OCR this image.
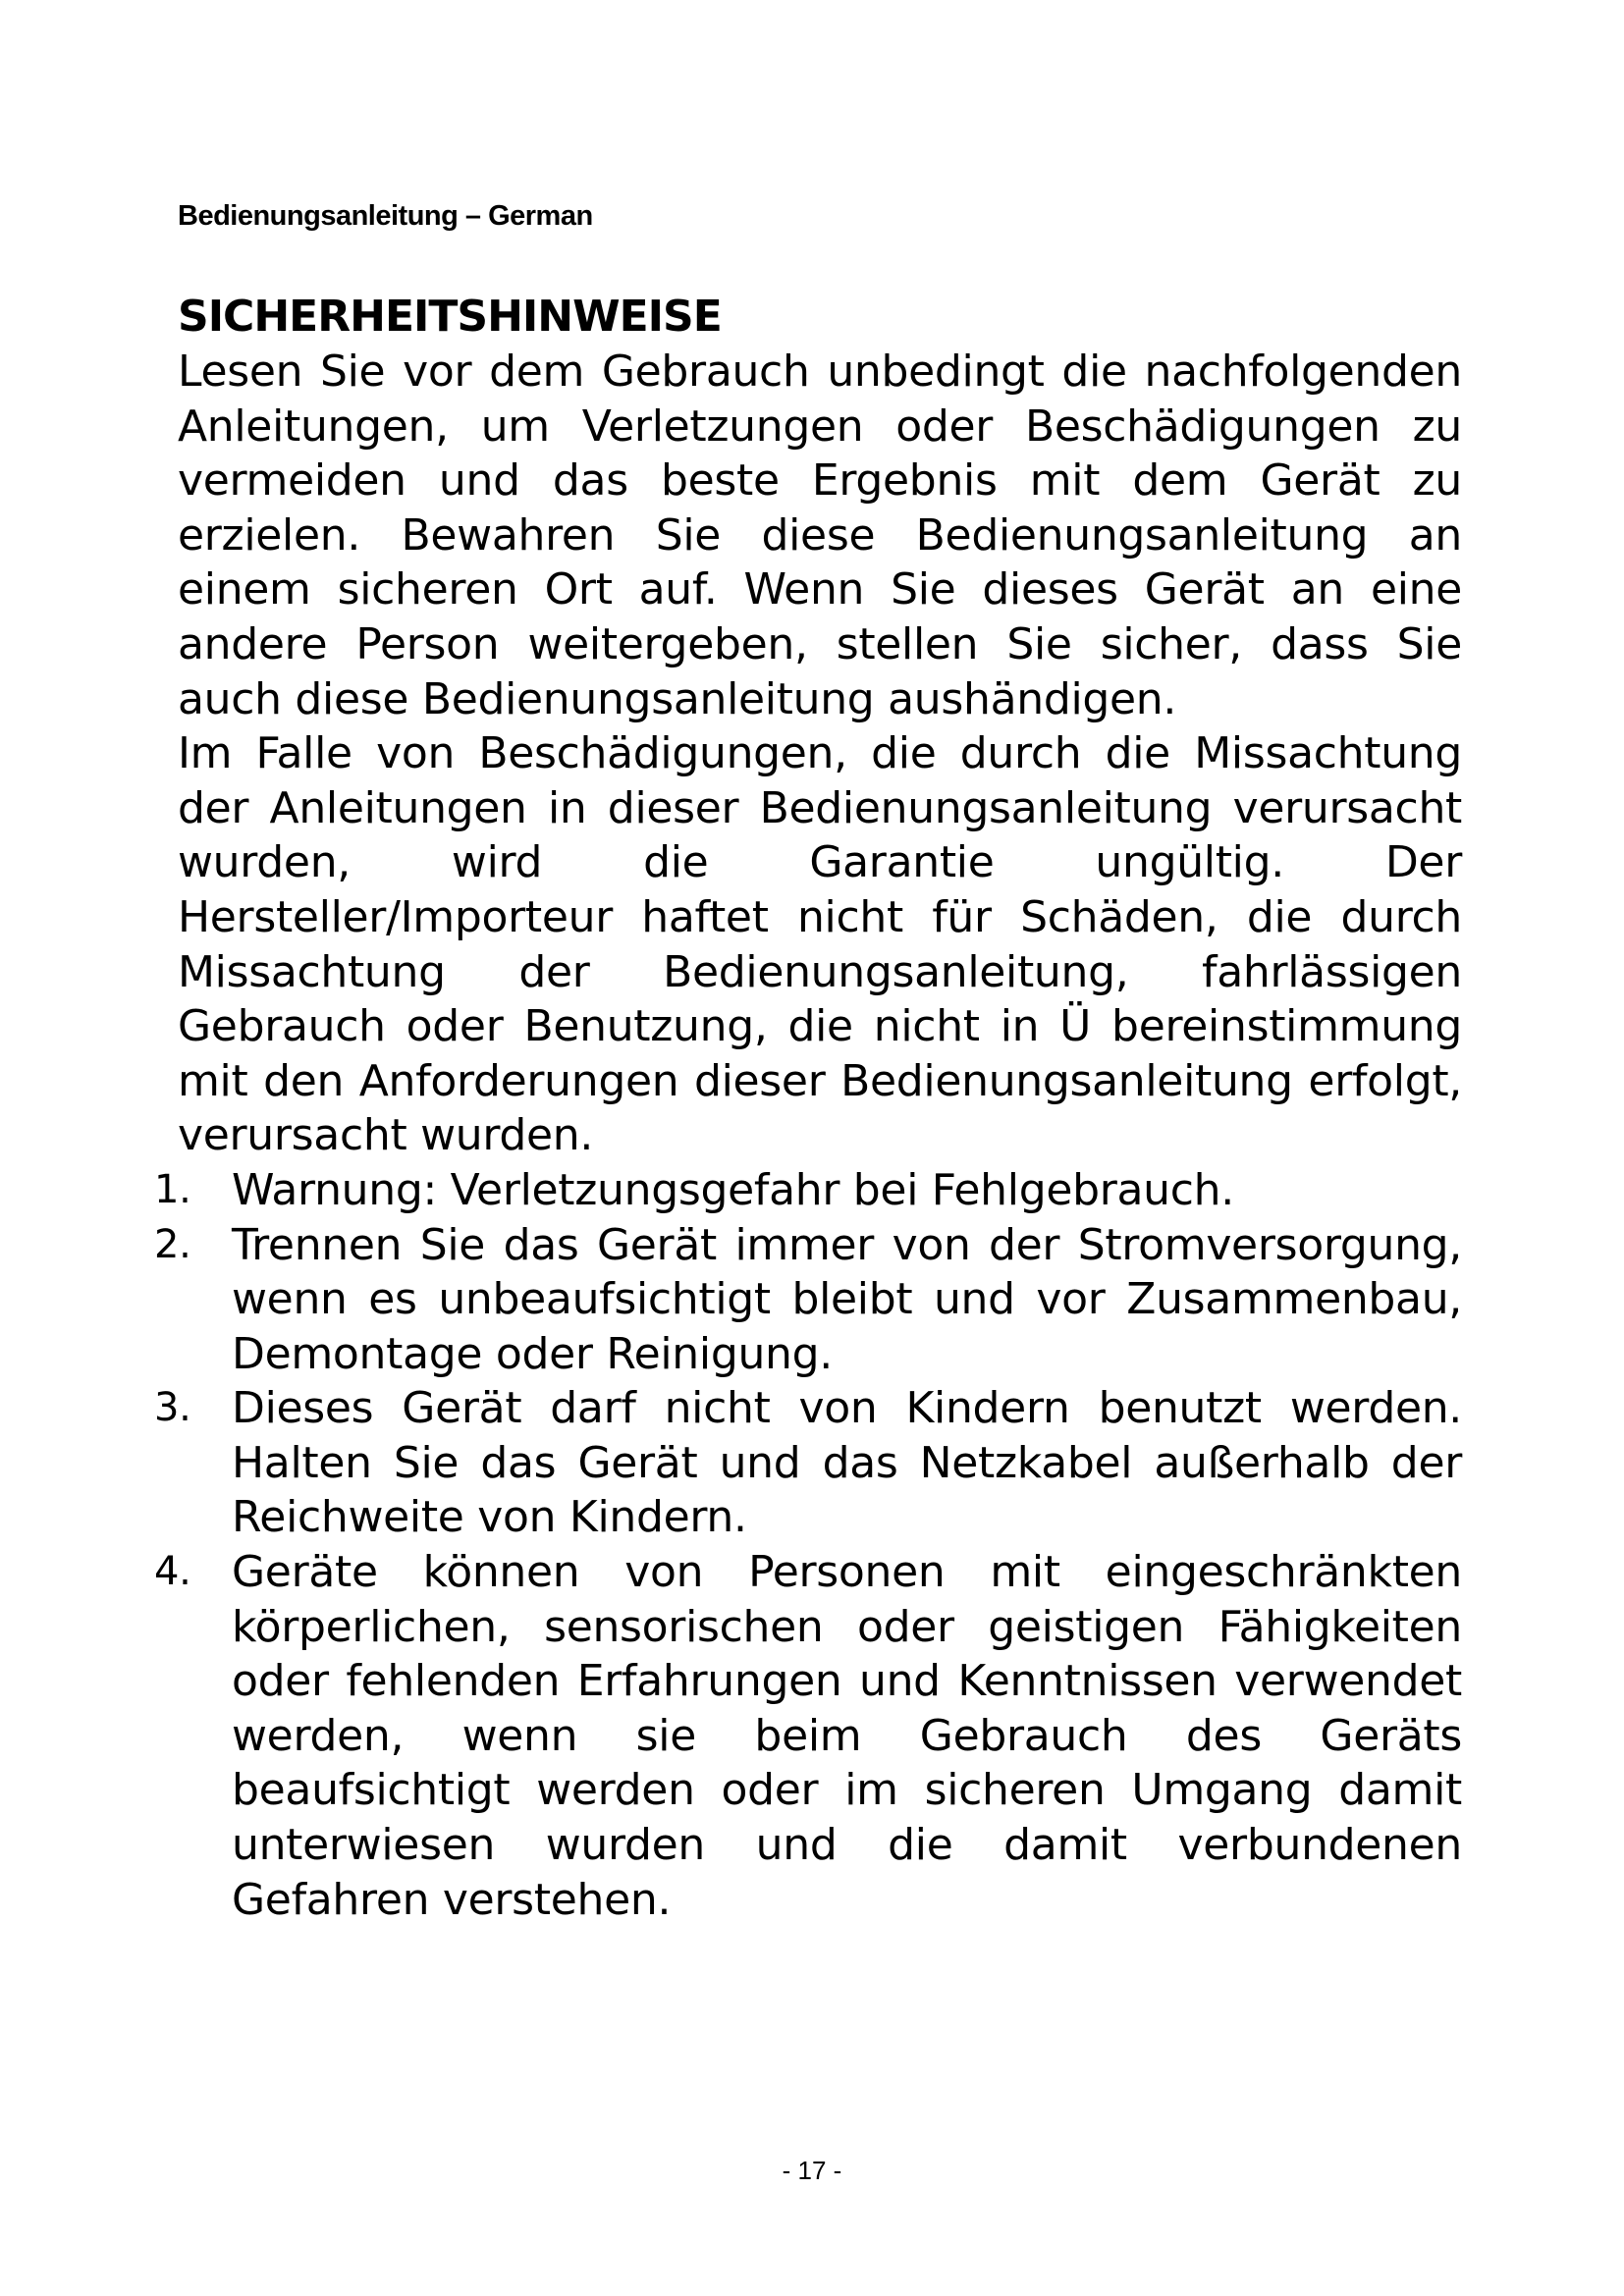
Bedienungsanleitung – German
SICHERHEITSHINWEISE

Lesen Sie vor dem Gebrauch unbedingt die nachfolgenden Anleitungen, um Verletzungen oder Beschädigungen zu vermeiden und das beste Ergebnis mit dem Gerät zu erzielen. Bewahren Sie diese Bedienungsanleitung an einem sicheren Ort auf. Wenn Sie dieses Gerät an eine andere Person weitergeben, stellen Sie sicher, dass Sie auch diese Bedienungsanleitung aushändigen.

Im Falle von Beschädigungen, die durch die Missachtung der Anleitungen in dieser Bedienungsanleitung verursacht wurden, wird die Garantie ungültig. Der Hersteller/Importeur haftet nicht für Schäden, die durch Missachtung der Bedienungsanleitung, fahrlässigen Gebrauch oder Benutzung, die nicht in Ü bereinstimmung mit den Anforderungen dieser Bedienungsanleitung erfolgt, verursacht wurden.

1. Warnung: Verletzungsgefahr bei Fehlgebrauch.
2. Trennen Sie das Gerät immer von der Stromversorgung, wenn es unbeaufsichtigt bleibt und vor Zusammenbau, Demontage oder Reinigung.
3. Dieses Gerät darf nicht von Kindern benutzt werden. Halten Sie das Gerät und das Netzkabel außerhalb der Reichweite von Kindern.
4. Geräte können von Personen mit eingeschränkten körperlichen, sensorischen oder geistigen Fähigkeiten oder fehlenden Erfahrungen und Kenntnissen verwendet werden, wenn sie beim Gebrauch des Geräts beaufsichtigt werden oder im sicheren Umgang damit unterwiesen wurden und die damit verbundenen Gefahren verstehen.
- 17 -
